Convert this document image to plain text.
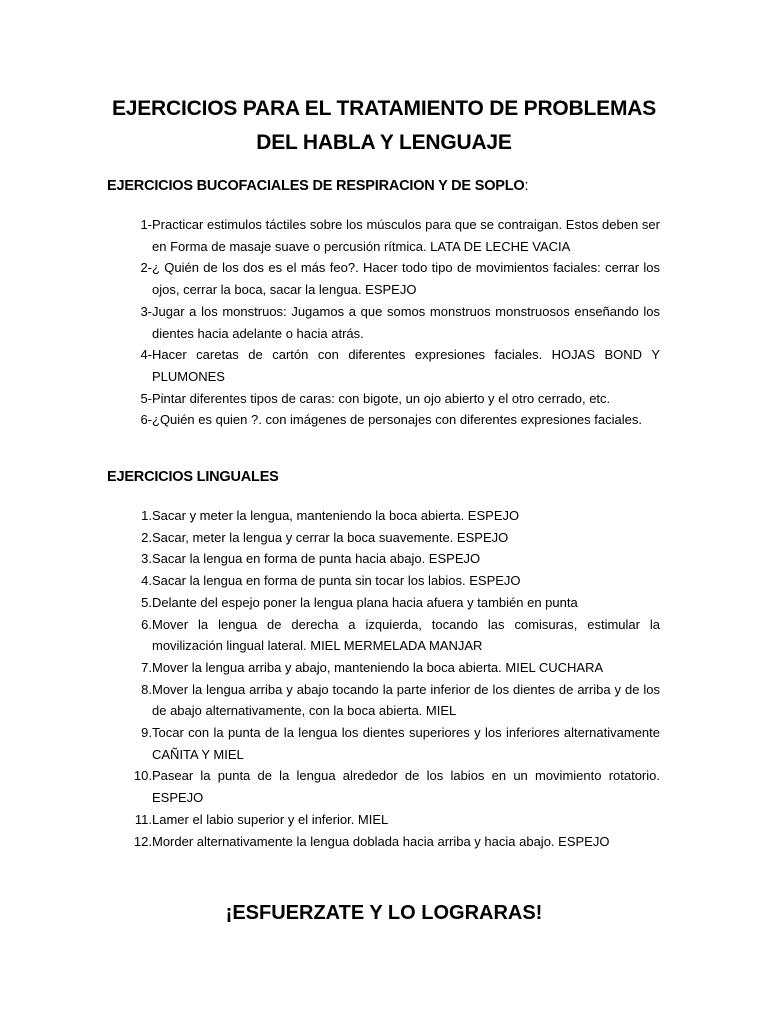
EJERCICIOS PARA EL TRATAMIENTO DE PROBLEMAS
DEL HABLA Y LENGUAJE
EJERCICIOS BUCOFACIALES DE RESPIRACION Y DE SOPLO:
1- Practicar estimulos táctiles sobre los músculos para que se contraigan. Estos deben ser en Forma de masaje suave o percusión rítmica. LATA DE LECHE VACIA
2- ¿ Quién de los dos es el más feo?. Hacer todo tipo de movimientos faciales: cerrar los ojos, cerrar la boca, sacar la lengua. ESPEJO
3- Jugar a los monstruos: Jugamos a que somos monstruos monstruosos enseñando los dientes hacia adelante o hacia atrás.
4- Hacer caretas de cartón con diferentes expresiones faciales. HOJAS BOND Y PLUMONES
5- Pintar diferentes tipos de caras: con bigote, un ojo abierto y el otro cerrado, etc.
6- ¿Quién es quien ?. con imágenes de personajes con diferentes expresiones faciales.
EJERCICIOS LINGUALES
1. Sacar y meter la lengua, manteniendo la boca abierta. ESPEJO
2. Sacar, meter la lengua y cerrar la boca suavemente. ESPEJO
3. Sacar la lengua en forma de punta hacia abajo. ESPEJO
4. Sacar la lengua en forma de punta sin tocar los labios. ESPEJO
5. Delante del espejo poner la lengua plana hacia afuera y también en punta
6. Mover la lengua de derecha a izquierda, tocando las comisuras, estimular la movilización lingual lateral. MIEL MERMELADA MANJAR
7. Mover la lengua arriba y abajo, manteniendo la boca abierta. MIEL CUCHARA
8. Mover la lengua arriba y abajo tocando la parte inferior de los dientes de arriba y de los de abajo alternativamente, con la boca abierta. MIEL
9. Tocar con la punta de la lengua los dientes superiores y los inferiores alternativamente CAÑITA Y MIEL
10. Pasear la punta de la lengua alrededor de los labios en un movimiento rotatorio. ESPEJO
11. Lamer el labio superior y el inferior. MIEL
12. Morder alternativamente la lengua doblada hacia arriba y hacia abajo. ESPEJO
¡ESFUERZATE Y LO LOGRARAS!
